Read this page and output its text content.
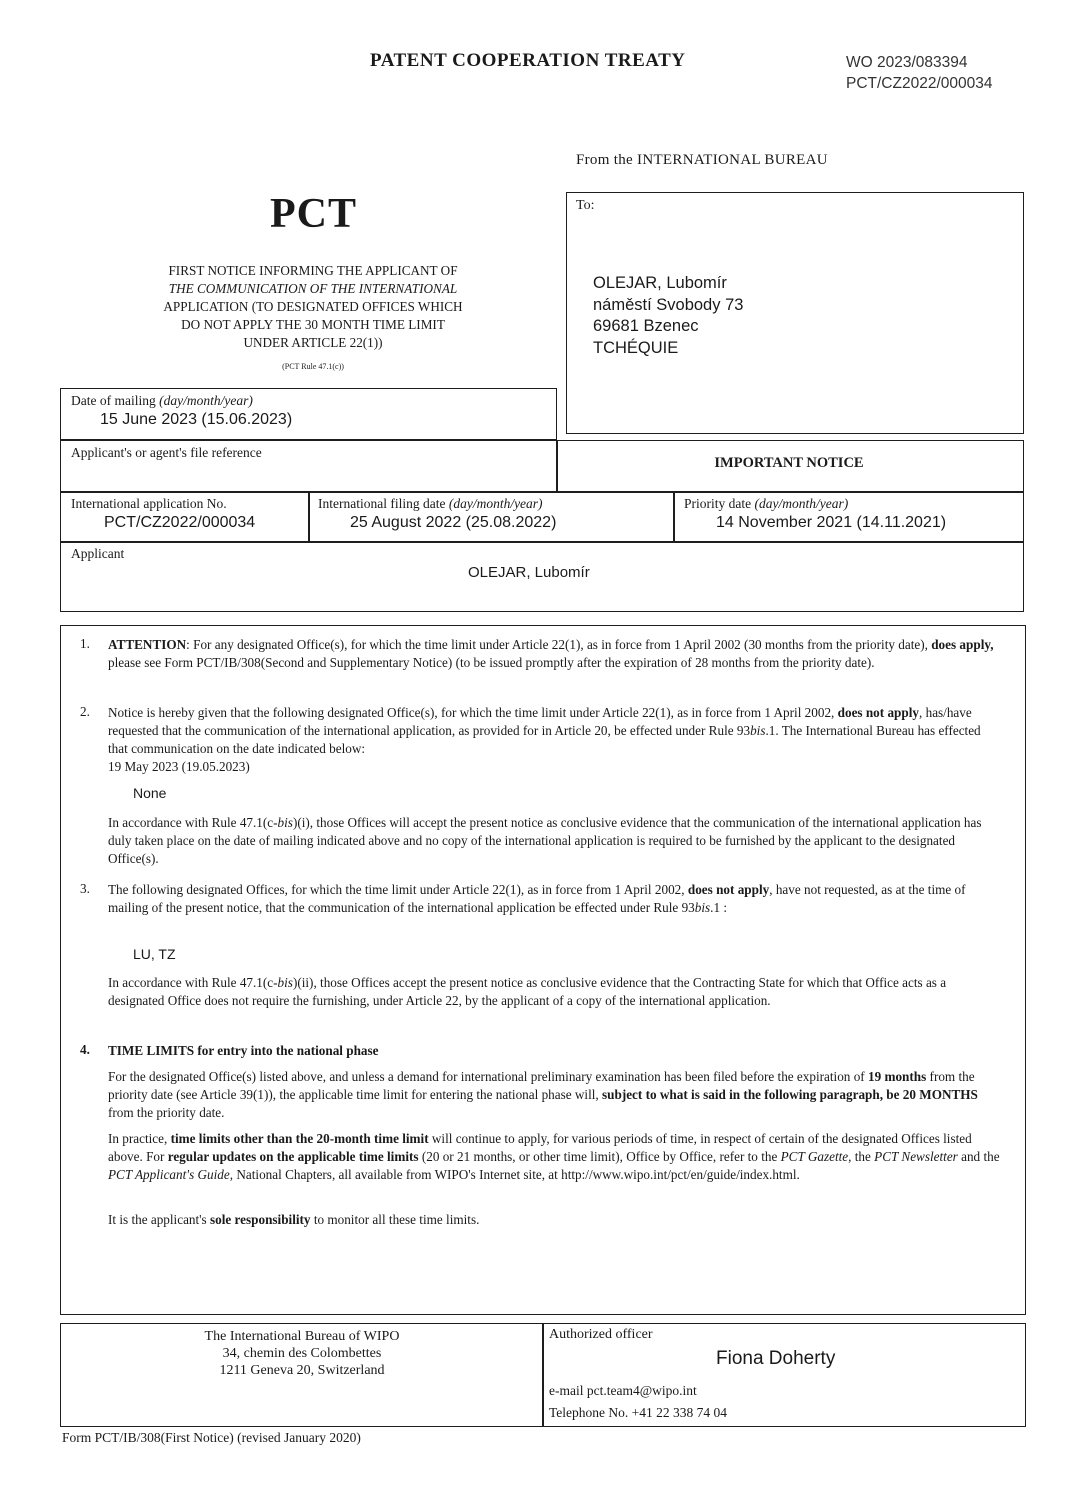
PATENT COOPERATION TREATY	WO 2023/083394
PCT/CZ2022/000034
From the INTERNATIONAL BUREAU
PCT
FIRST NOTICE INFORMING THE APPLICANT OF
THE COMMUNICATION OF THE INTERNATIONAL
APPLICATION (TO DESIGNATED OFFICES WHICH
DO NOT APPLY THE 30 MONTH TIME LIMIT
UNDER ARTICLE 22(1))
(PCT Rule 47.1(c))
To:
OLEJAR, Lubomír
náměstí Svobody 73
69681 Bzenec
TCHÉQUIE
Date of mailing (day/month/year)
15 June 2023 (15.06.2023)
Applicant's or agent's file reference
IMPORTANT NOTICE
International application No.
PCT/CZ2022/000034
International filing date (day/month/year)
25 August 2022 (25.08.2022)
Priority date (day/month/year)
14 November 2021 (14.11.2021)
Applicant
OLEJAR, Lubomír
1. ATTENTION: For any designated Office(s), for which the time limit under Article 22(1), as in force from 1 April 2002 (30 months from the priority date), does apply, please see Form PCT/IB/308(Second and Supplementary Notice) (to be issued promptly after the expiration of 28 months from the priority date).
2. Notice is hereby given that the following designated Office(s), for which the time limit under Article 22(1), as in force from 1 April 2002, does not apply, has/have requested that the communication of the international application, as provided for in Article 20, be effected under Rule 93bis.1. The International Bureau has effected that communication on the date indicated below:
19 May 2023 (19.05.2023)
None
In accordance with Rule 47.1(c-bis)(i), those Offices will accept the present notice as conclusive evidence that the communication of the international application has duly taken place on the date of mailing indicated above and no copy of the international application is required to be furnished by the applicant to the designated Office(s).
3. The following designated Offices, for which the time limit under Article 22(1), as in force from 1 April 2002, does not apply, have not requested, as at the time of mailing of the present notice, that the communication of the international application be effected under Rule 93bis.1 :
LU, TZ
In accordance with Rule 47.1(c-bis)(ii), those Offices accept the present notice as conclusive evidence that the Contracting State for which that Office acts as a designated Office does not require the furnishing, under Article 22, by the applicant of a copy of the international application.
4. TIME LIMITS for entry into the national phase
For the designated Office(s) listed above, and unless a demand for international preliminary examination has been filed before the expiration of 19 months from the priority date (see Article 39(1)), the applicable time limit for entering the national phase will, subject to what is said in the following paragraph, be 20 MONTHS from the priority date.
In practice, time limits other than the 20-month time limit will continue to apply, for various periods of time, in respect of certain of the designated Offices listed above. For regular updates on the applicable time limits (20 or 21 months, or other time limit), Office by Office, refer to the PCT Gazette, the PCT Newsletter and the PCT Applicant's Guide, National Chapters, all available from WIPO's Internet site, at http://www.wipo.int/pct/en/guide/index.html.
It is the applicant's sole responsibility to monitor all these time limits.
The International Bureau of WIPO
34, chemin des Colombettes
1211 Geneva 20, Switzerland
Authorized officer
Fiona Doherty
e-mail pct.team4@wipo.int
Telephone No. +41 22 338 74 04
Form PCT/IB/308(First Notice) (revised January 2020)
